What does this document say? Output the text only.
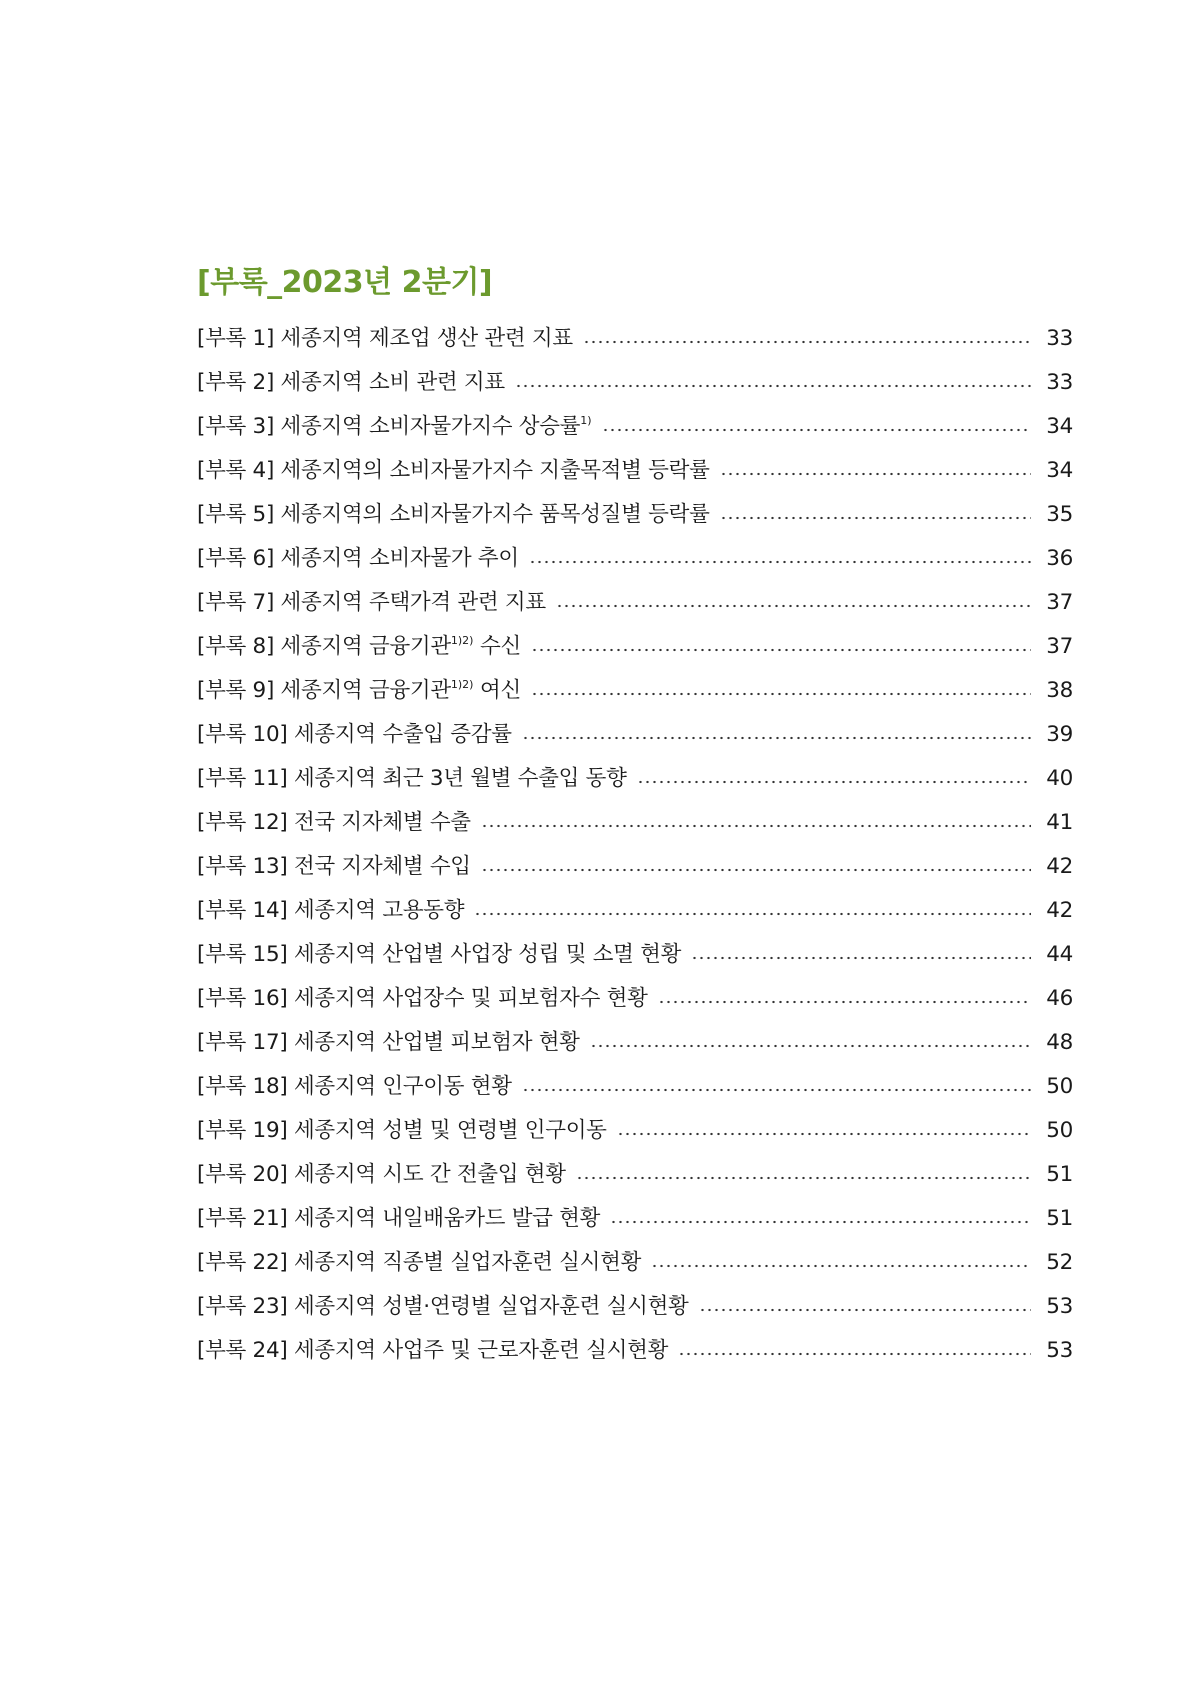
[부록_2023년 2분기]
[부록 1] 세종지역 제조업 생산 관련 지표	33
[부록 2] 세종지역 소비 관련 지표	33
[부록 3] 세종지역 소비자물가지수 상승률$^{1)}$	34
[부록 4] 세종지역의 소비자물가지수 지출목적별 등락률	34
[부록 5] 세종지역의 소비자물가지수 품목성질별 등락률	35
[부록 6] 세종지역 소비자물가 추이	36
[부록 7] 세종지역 주택가격 관련 지표	37
[부록 8] 세종지역 금융기관$^{1)2)}$ 수신	37
[부록 9] 세종지역 금융기관$^{1)2)}$ 여신	38
[부록 10] 세종지역 수출입 증감률	39
[부록 11] 세종지역 최근 3년 월별 수출입 동향	40
[부록 12] 전국 지자체별 수출	41
[부록 13] 전국 지자체별 수입	42
[부록 14] 세종지역 고용동향	42
[부록 15] 세종지역 산업별 사업장 성립 및 소멸 현황	44
[부록 16] 세종지역 사업장수 및 피보험자수 현황	46
[부록 17] 세종지역 산업별 피보험자 현황	48
[부록 18] 세종지역 인구이동 현황	50
[부록 19] 세종지역 성별 및 연령별 인구이동	50
[부록 20] 세종지역 시도 간 전출입 현황	51
[부록 21] 세종지역 내일배움카드 발급 현황	51
[부록 22] 세종지역 직종별 실업자훈련 실시현황	52
[부록 23] 세종지역 성별·연령별 실업자훈련 실시현황	53
[부록 24] 세종지역 사업주 및 근로자훈련 실시현황	53
